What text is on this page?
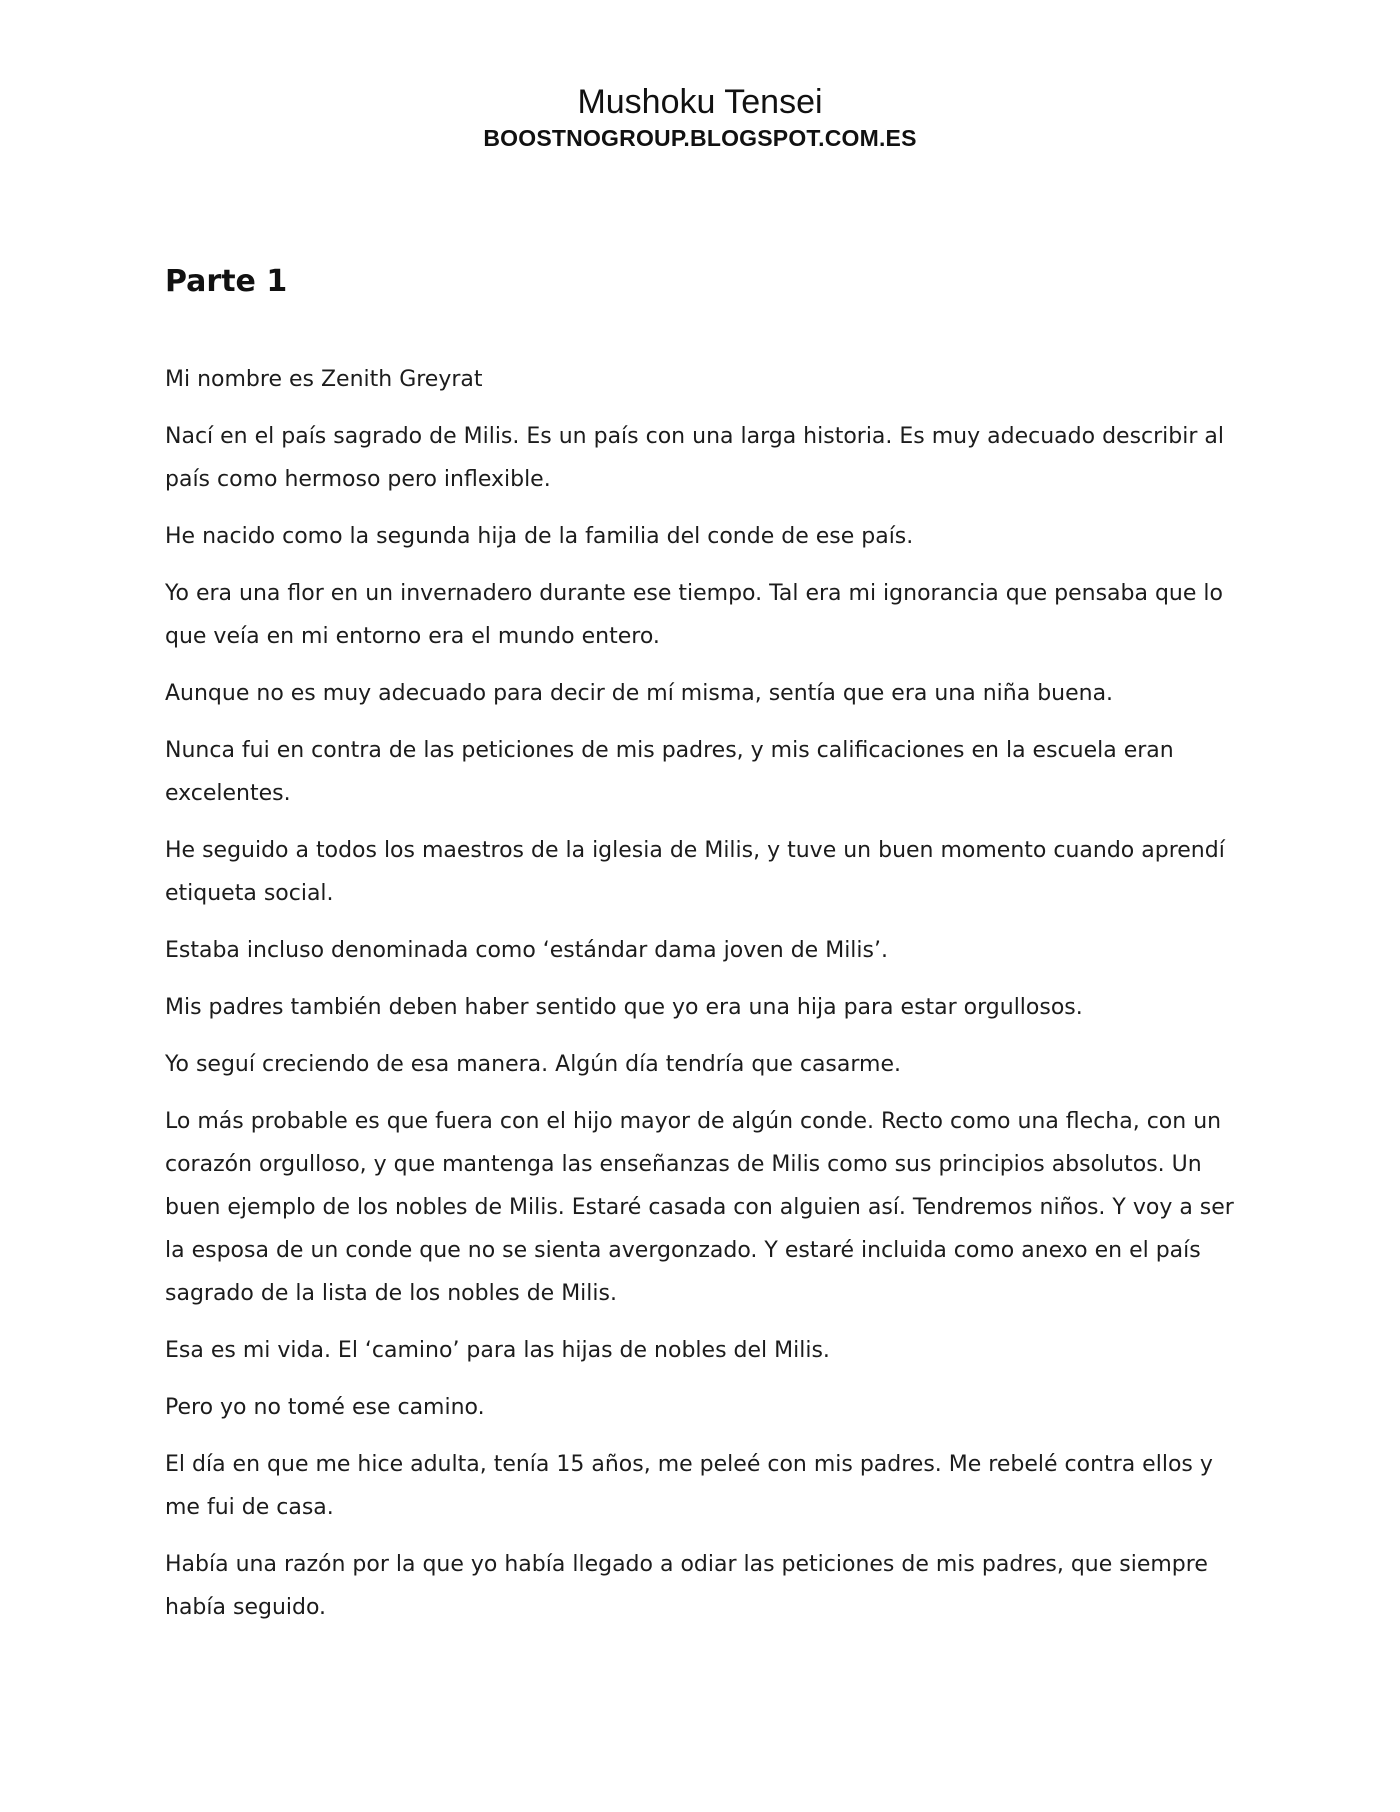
Mushoku Tensei
BOOSTNOGROUP.BLOGSPOT.COM.ES
Parte 1

Mi nombre es Zenith Greyrat

Nací en el país sagrado de Milis. Es un país con una larga historia. Es muy adecuado describir al país como hermoso pero inflexible.

He nacido como la segunda hija de la familia del conde de ese país.

Yo era una flor en un invernadero durante ese tiempo. Tal era mi ignorancia que pensaba que lo que veía en mi entorno era el mundo entero.

Aunque no es muy adecuado para decir de mí misma, sentía que era una niña buena.

Nunca fui en contra de las peticiones de mis padres, y mis calificaciones en la escuela eran excelentes.

He seguido a todos los maestros de la iglesia de Milis, y tuve un buen momento cuando aprendí etiqueta social.

Estaba incluso denominada como ‘estándar dama joven de Milis’.

Mis padres también deben haber sentido que yo era una hija para estar orgullosos.

Yo seguí creciendo de esa manera. Algún día tendría que casarme.

Lo más probable es que fuera con el hijo mayor de algún conde. Recto como una flecha, con un corazón orgulloso, y que mantenga las enseñanzas de Milis como sus principios absolutos. Un buen ejemplo de los nobles de Milis. Estaré casada con alguien así. Tendremos niños. Y voy a ser la esposa de un conde que no se sienta avergonzado. Y estaré incluida como anexo en el país sagrado de la lista de los nobles de Milis.

Esa es mi vida. El ‘camino’ para las hijas de nobles del Milis.

Pero yo no tomé ese camino.

El día en que me hice adulta, tenía 15 años, me peleé con mis padres. Me rebelé contra ellos y me fui de casa.

Había una razón por la que yo había llegado a odiar las peticiones de mis padres, que siempre había seguido.
